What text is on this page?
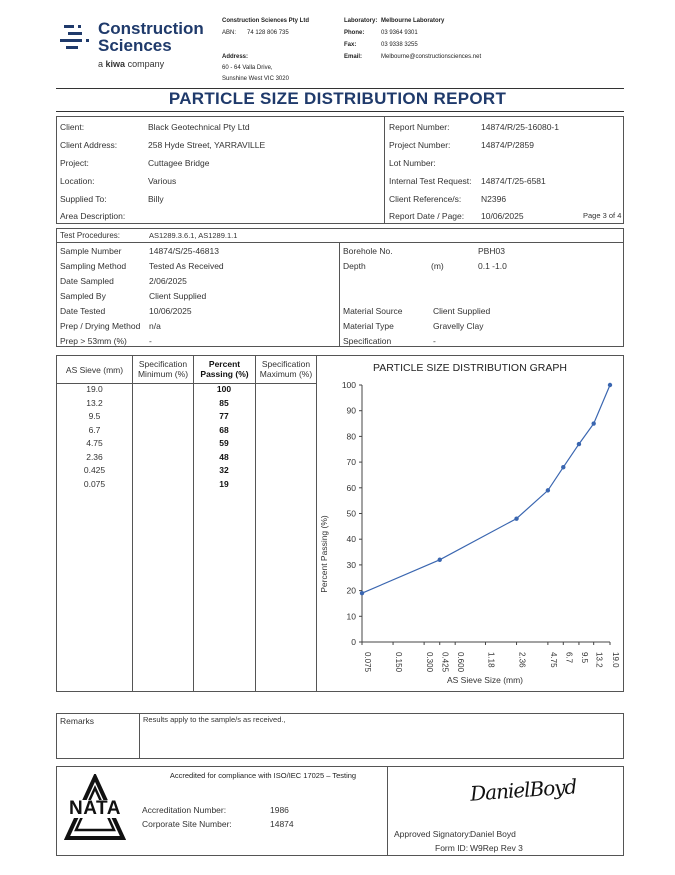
Construction
Sciences
a kiwa company
Construction Sciences Pty Ltd
ABN: 74 128 806 735
Address:
60 - 64 Valla Drive,
Sunshine West VIC 3020
Laboratory: Melbourne Laboratory
Phone:	03 9364 9301
Fax:	03 9338 3255
Email:	Melbourne@constructionsciences.net
PARTICLE SIZE DISTRIBUTION REPORT
Client:	Black Geotechnical Pty Ltd
Client Address:	258 Hyde Street, YARRAVILLE
Project:	Cuttagee Bridge
Location:	Various
Supplied To:	Billy
Area Description:
Report Number:	14874/R/25-16080-1
Project Number:	14874/P/2859
Lot Number:
Internal Test Request: 14874/T/25-6581
Client Reference/s: N2396
Report Date / Page: 10/06/2025	Page 3 of 4
Test Procedures:	AS1289.3.6.1, AS1289.1.1
Sample Number	14874/S/25-46813
Sampling Method	Tested As Received
Date Sampled	2/06/2025
Sampled By	Client Supplied
Date Tested	10/06/2025
Prep / Drying Method n/a
Prep > 53mm (%)	-
Borehole No.	PBH03
Depth	(m)	0.1 -1.0
Material Source	Client Supplied
Material Type	Gravelly Clay
Specification	-
AS Sieve (mm)
Specification Minimum (%)
Percent Passing (%)
Specification Maximum (%)
19.0	100
13.2	85
9.5	77
6.7	68
4.75	59
2.36	48
0.425	32
0.075	19
PARTICLE SIZE DISTRIBUTION GRAPH
Percent Passing (%)
AS Sieve Size (mm)
0
10
20
30
40
50
60
70
80
90
100
0.075	0.150	0.300 0.425 0.600	1.18	2.36	4.75 6.7 9.5 13.2 19.0
Remarks	Results apply to the sample/s as received.,
Accredited for compliance with ISO/IEC 17025 – Testing
NATA	Accreditation Number:	1986
Corporate Site Number:	14874
DanielBoyd
Approved Signatory:
Daniel Boyd
Form ID: W9Rep Rev 3
